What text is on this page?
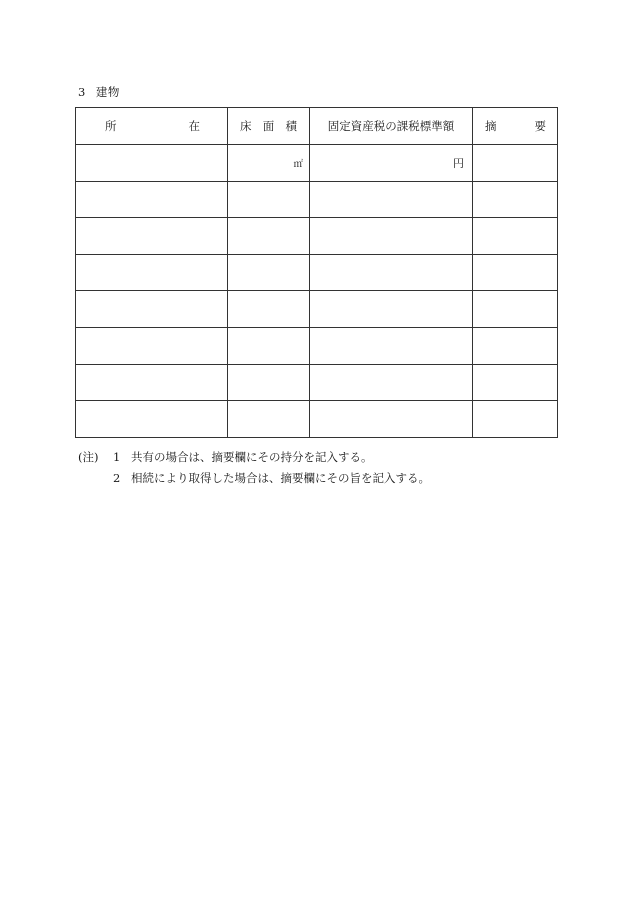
3 建物
所 在	床 面 積	固定資産税の課税標準額	摘 要

	㎡	円	

(注)	1 共有の場合は、摘要欄にその持分を記入する。
2 相続により取得した場合は、摘要欄にその旨を記入する。
